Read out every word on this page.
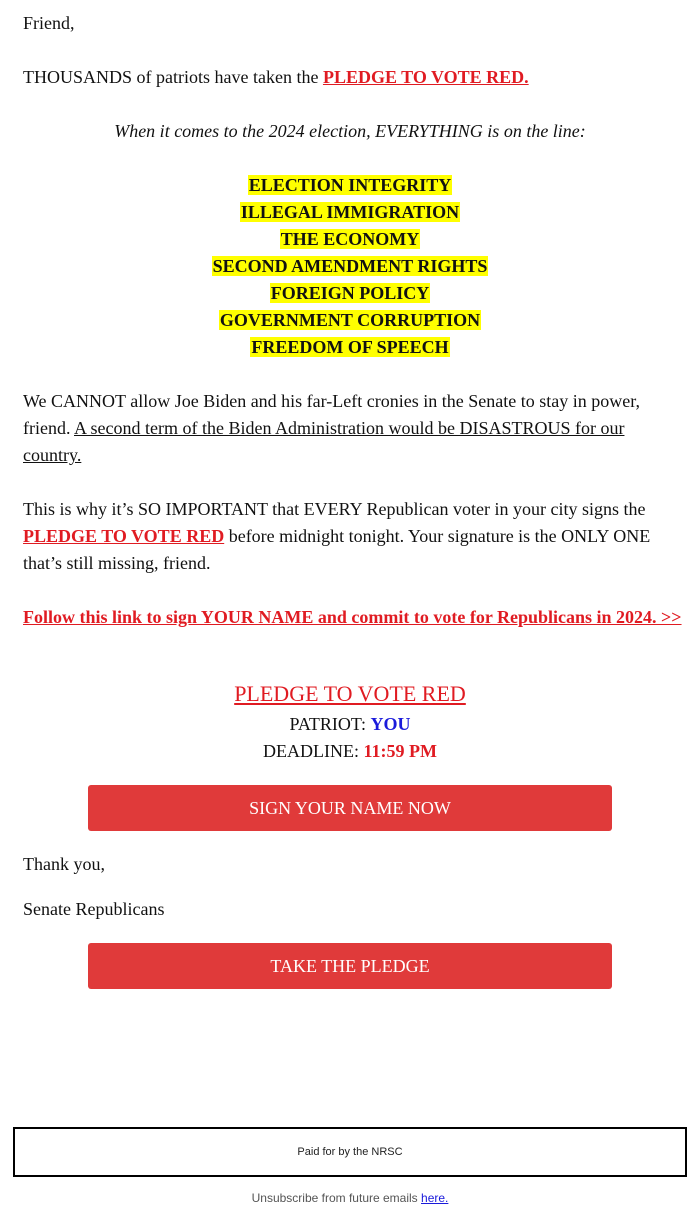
Friend,

THOUSANDS of patriots have taken the PLEDGE TO VOTE RED.

When it comes to the 2024 election, EVERYTHING is on the line:

ELECTION INTEGRITY
ILLEGAL IMMIGRATION
THE ECONOMY
SECOND AMENDMENT RIGHTS
FOREIGN POLICY
GOVERNMENT CORRUPTION
FREEDOM OF SPEECH

We CANNOT allow Joe Biden and his far-Left cronies in the Senate to stay in power, friend. A second term of the Biden Administration would be DISASTROUS for our country.

This is why it’s SO IMPORTANT that EVERY Republican voter in your city signs the PLEDGE TO VOTE RED before midnight tonight. Your signature is the ONLY ONE that’s still missing, friend.

Follow this link to sign YOUR NAME and commit to vote for Republicans in 2024. >>

PLEDGE TO VOTE RED
PATRIOT: YOU
DEADLINE: 11:59 PM
SIGN YOUR NAME NOW

Thank you,

Senate Republicans

TAKE THE PLEDGE
Paid for by the NRSC
Unsubscribe from future emails here.
